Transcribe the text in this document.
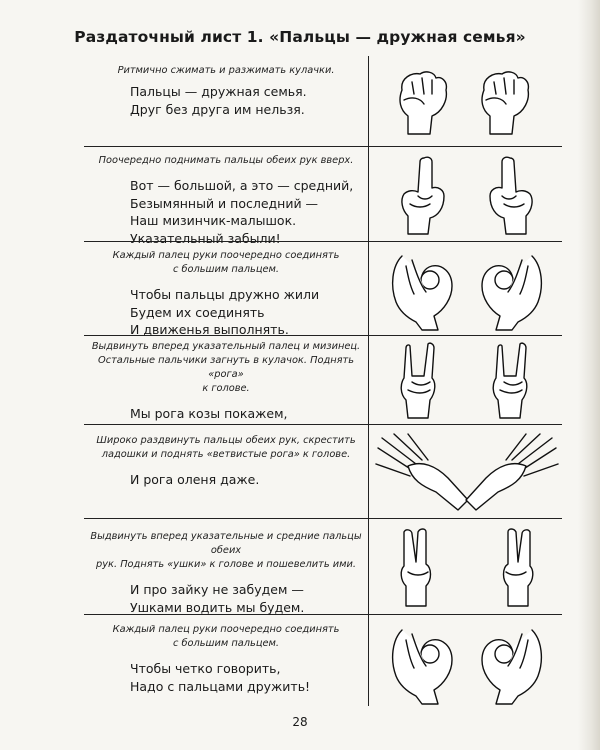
Раздаточный лист 1. «Пальцы — дружная семья»
Ритмично сжимать и разжимать кулачки.
Пальцы — дружная семья.
Друг без друга им нельзя.
Поочередно поднимать пальцы обеих рук вверх.
Вот — большой, а это — средний,
Безымянный и последний —
Наш мизинчик-малышок.
Указательный забыли!
Каждый палец руки поочередно соединять
с большим пальцем.
Чтобы пальцы дружно жили
Будем их соединять
И движенья выполнять.
Выдвинуть вперед указательный палец и мизинец.
Остальные пальчики загнуть в кулачок. Поднять «рога»
к голове.
Мы рога козы покажем,
Широко раздвинуть пальцы обеих рук, скрестить
ладошки и поднять «ветвистые рога» к голове.
И рога оленя даже.
Выдвинуть вперед указательные и средние пальцы обеих
рук. Поднять «ушки» к голове и пошевелить ими.
И про зайку не забудем —
Ушками водить мы будем.
Каждый палец руки поочередно соединять
с большим пальцем.
Чтобы четко говорить,
Надо с пальцами дружить!
28
